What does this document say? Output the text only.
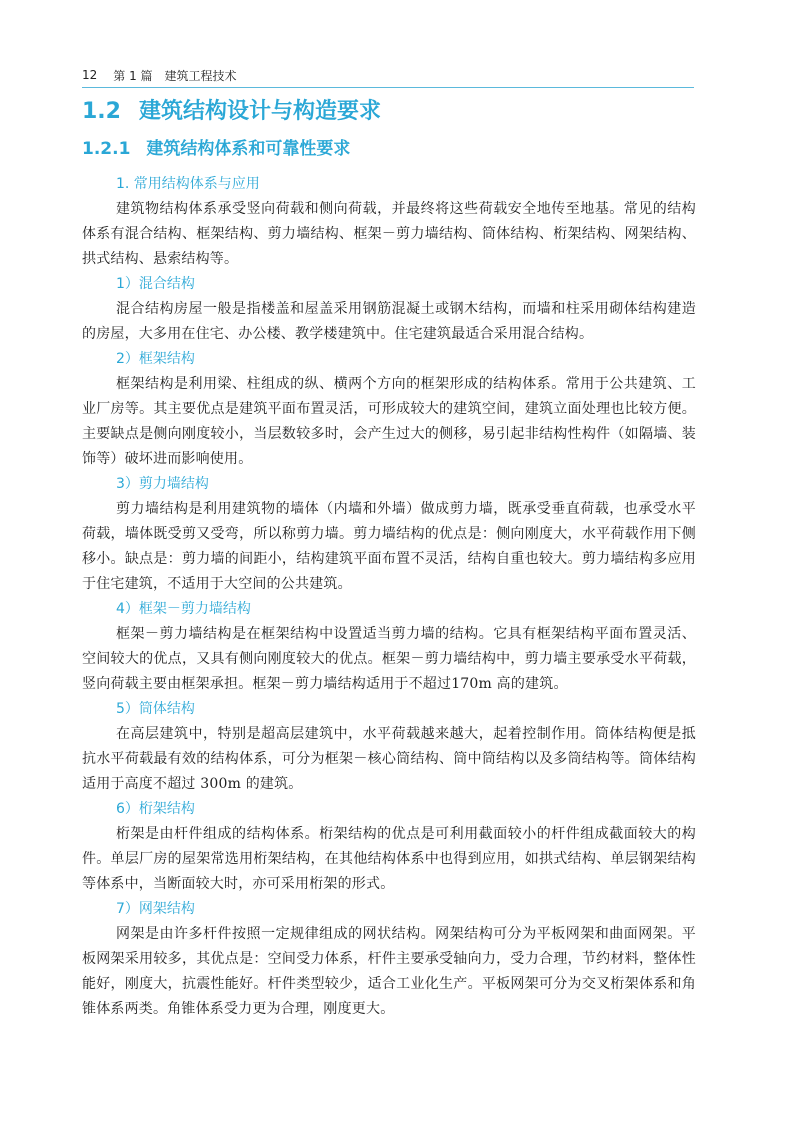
12 第 1 篇 建筑工程技术
1.2 建筑结构设计与构造要求
1.2.1 建筑结构体系和可靠性要求

1. 常用结构体系与应用

建筑物结构体系承受竖向荷载和侧向荷载，并最终将这些荷载安全地传至地基。常见的结构体系有混合结构、框架结构、剪力墙结构、框架－剪力墙结构、筒体结构、桁架结构、网架结构、拱式结构、悬索结构等。

1）混合结构

混合结构房屋一般是指楼盖和屋盖采用钢筋混凝土或钢木结构，而墙和柱采用砌体结构建造的房屋，大多用在住宅、办公楼、教学楼建筑中。住宅建筑最适合采用混合结构。

2）框架结构

框架结构是利用梁、柱组成的纵、横两个方向的框架形成的结构体系。常用于公共建筑、工业厂房等。其主要优点是建筑平面布置灵活，可形成较大的建筑空间，建筑立面处理也比较方便。主要缺点是侧向刚度较小，当层数较多时，会产生过大的侧移，易引起非结构性构件（如隔墙、装饰等）破坏进而影响使用。

3）剪力墙结构

剪力墙结构是利用建筑物的墙体（内墙和外墙）做成剪力墙，既承受垂直荷载，也承受水平荷载，墙体既受剪又受弯，所以称剪力墙。剪力墙结构的优点是：侧向刚度大，水平荷载作用下侧移小。缺点是：剪力墙的间距小，结构建筑平面布置不灵活，结构自重也较大。剪力墙结构多应用于住宅建筑，不适用于大空间的公共建筑。

4）框架－剪力墙结构

框架－剪力墙结构是在框架结构中设置适当剪力墙的结构。它具有框架结构平面布置灵活、空间较大的优点，又具有侧向刚度较大的优点。框架－剪力墙结构中，剪力墙主要承受水平荷载，竖向荷载主要由框架承担。框架－剪力墙结构适用于不超过170m 高的建筑。

5）筒体结构

在高层建筑中，特别是超高层建筑中，水平荷载越来越大，起着控制作用。筒体结构便是抵抗水平荷载最有效的结构体系，可分为框架－核心筒结构、筒中筒结构以及多筒结构等。筒体结构适用于高度不超过 300m 的建筑。

6）桁架结构

桁架是由杆件组成的结构体系。桁架结构的优点是可利用截面较小的杆件组成截面较大的构件。单层厂房的屋架常选用桁架结构，在其他结构体系中也得到应用，如拱式结构、单层钢架结构等体系中，当断面较大时，亦可采用桁架的形式。

7）网架结构

网架是由许多杆件按照一定规律组成的网状结构。网架结构可分为平板网架和曲面网架。平板网架采用较多，其优点是：空间受力体系，杆件主要承受轴向力，受力合理，节约材料，整体性能好，刚度大，抗震性能好。杆件类型较少，适合工业化生产。平板网架可分为交叉桁架体系和角锥体系两类。角锥体系受力更为合理，刚度更大。
